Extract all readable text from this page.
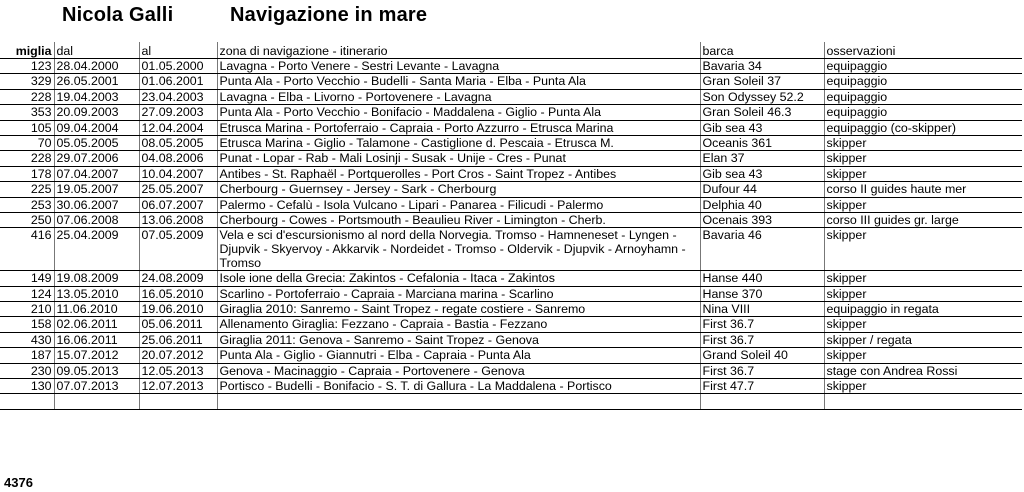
Nicola Galli	Navigazione in mare
miglia	dal	al	zona di navigazione - itinerario	barca	osservazioni
123	28.04.2000	01.05.2000	Lavagna - Porto Venere - Sestri Levante - Lavagna	Bavaria 34	equipaggio
329	26.05.2001	01.06.2001	Punta Ala - Porto Vecchio - Budelli - Santa Maria - Elba - Punta Ala	Gran Soleil 37	equipaggio
228	19.04.2003	23.04.2003	Lavagna - Elba - Livorno - Portovenere - Lavagna	Son Odyssey 52.2	equipaggio
353	20.09.2003	27.09.2003	Punta Ala - Porto Vecchio - Bonifacio - Maddalena - Giglio - Punta Ala	Gran Soleil 46.3	equipaggio
105	09.04.2004	12.04.2004	Etrusca Marina - Portoferraio - Capraia - Porto Azzurro - Etrusca Marina	Gib sea 43	equipaggio (co-skipper)
70	05.05.2005	08.05.2005	Etrusca Marina - Giglio - Talamone - Castiglione d. Pescaia - Etrusca M.	Oceanis 361	skipper
228	29.07.2006	04.08.2006	Punat - Lopar - Rab - Mali Losinji - Susak - Unije - Cres - Punat	Elan 37	skipper
178	07.04.2007	10.04.2007	Antibes - St. Raphaël - Portquerolles - Port Cros - Saint Tropez - Antibes	Gib sea 43	skipper
225	19.05.2007	25.05.2007	Cherbourg - Guernsey - Jersey - Sark - Cherbourg	Dufour 44	corso II guides haute mer
253	30.06.2007	06.07.2007	Palermo - Cefalù - Isola Vulcano - Lipari - Panarea - Filicudi - Palermo	Delphia 40	skipper
250	07.06.2008	13.06.2008	Cherbourg - Cowes - Portsmouth - Beaulieu River - Limington - Cherb.	Ocenais 393	corso III guides gr. large
416	25.04.2009	07.05.2009	Vela e sci d'escursionismo al nord della Norvegia. Tromso - Hamneneset - Lyngen - Djupvik - Skyervoy - Akkarvik - Nordeidet - Tromso - Oldervik - Djupvik - Arnoyhamn - Tromso	Bavaria 46	skipper
149	19.08.2009	24.08.2009	Isole ione della Grecia: Zakintos - Cefalonia - Itaca - Zakintos	Hanse 440	skipper
124	13.05.2010	16.05.2010	Scarlino - Portoferraio - Capraia - Marciana marina - Scarlino	Hanse 370	skipper
210	11.06.2010	19.06.2010	Giraglia 2010: Sanremo - Saint Tropez - regate costiere - Sanremo	Nina VIII	equipaggio in regata
158	02.06.2011	05.06.2011	Allenamento Giraglia: Fezzano - Capraia - Bastia - Fezzano	First 36.7	skipper
430	16.06.2011	25.06.2011	Giraglia 2011: Genova - Sanremo - Saint Tropez - Genova	First 36.7	skipper / regata
187	15.07.2012	20.07.2012	Punta Ala - Giglio - Giannutri - Elba - Capraia - Punta Ala	Grand Soleil 40	skipper
230	09.05.2013	12.05.2013	Genova - Macinaggio - Capraia - Portovenere - Genova	First 36.7	stage con Andrea Rossi
130	07.07.2013	12.07.2013	Portisco - Budelli - Bonifacio - S. T. di Gallura - La Maddalena - Portisco	First 47.7	skipper

4376
